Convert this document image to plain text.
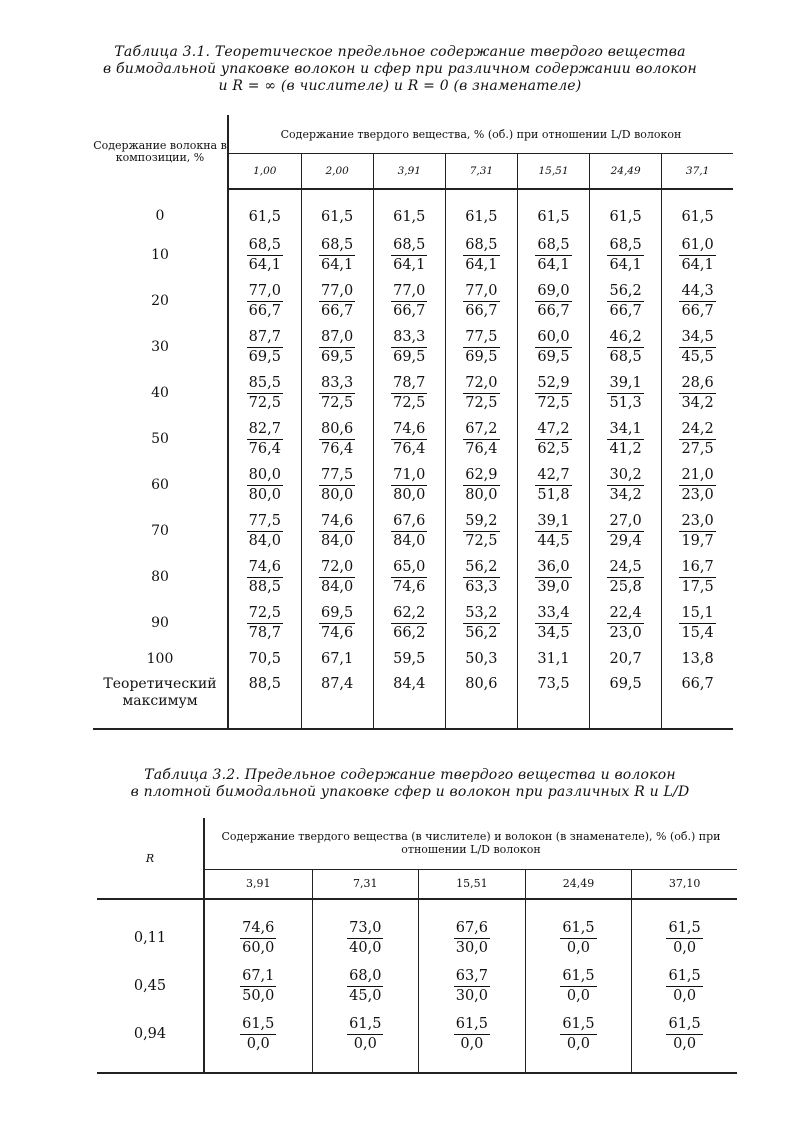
Таблица 3.1. Теоретическое предельное содержание твердого вещества
в бимодальной упаковке волокон и сфер при различном содержании волокон
и R = ∞ (в числителе) и R = 0 (в знаменателе)
Содержание волокна в композиции, %	Содержание твердого вещества, % (об.) при отношении L/D волокон						
	1,00	2,00	3,91	7,31	15,51	24,49	37,1
0	61,5	61,5	61,5	61,5	61,5	61,5	61,5
10	$\frac{68,5}{64,1}$	$\frac{68,5}{64,1}$	$\frac{68,5}{64,1}$	$\frac{68,5}{64,1}$	$\frac{68,5}{64,1}$	$\frac{68,5}{64,1}$	$\frac{61,0}{64,1}$

20	$\frac{77,0}{66,7}$	$\frac{77,0}{66,7}$	$\frac{77,0}{66,7}$	$\frac{77,0}{66,7}$	$\frac{69,0}{66,7}$	$\frac{56,2}{66,7}$	$\frac{44,3}{66,7}$

30	$\frac{87,7}{69,5}$	$\frac{87,0}{69,5}$	$\frac{83,3}{69,5}$	$\frac{77,5}{69,5}$	$\frac{60,0}{69,5}$	$\frac{46,2}{68,5}$	$\frac{34,5}{45,5}$

40	$\frac{85,5}{72,5}$	$\frac{83,3}{72,5}$	$\frac{78,7}{72,5}$	$\frac{72,0}{72,5}$	$\frac{52,9}{72,5}$	$\frac{39,1}{51,3}$	$\frac{28,6}{34,2}$

50	$\frac{82,7}{76,4}$	$\frac{80,6}{76,4}$	$\frac{74,6}{76,4}$	$\frac{67,2}{76,4}$	$\frac{47,2}{62,5}$	$\frac{34,1}{41,2}$	$\frac{24,2}{27,5}$

60	$\frac{80,0}{80,0}$	$\frac{77,5}{80,0}$	$\frac{71,0}{80,0}$	$\frac{62,9}{80,0}$	$\frac{42,7}{51,8}$	$\frac{30,2}{34,2}$	$\frac{21,0}{23,0}$

70	$\frac{77,5}{84,0}$	$\frac{74,6}{84,0}$	$\frac{67,6}{84,0}$	$\frac{59,2}{72,5}$	$\frac{39,1}{44,5}$	$\frac{27,0}{29,4}$	$\frac{23,0}{19,7}$

80	$\frac{74,6}{88,5}$	$\frac{72,0}{84,0}$	$\frac{65,0}{74,6}$	$\frac{56,2}{63,3}$	$\frac{36,0}{39,0}$	$\frac{24,5}{25,8}$	$\frac{16,7}{17,5}$

90	$\frac{72,5}{78,7}$	$\frac{69,5}{74,6}$	$\frac{62,2}{66,2}$	$\frac{53,2}{56,2}$	$\frac{33,4}{34,5}$	$\frac{22,4}{23,0}$	$\frac{15,1}{15,4}$

100	70,5	67,1	59,5	50,3	31,1	20,7	13,8
Теоретический максимум	88,5	87,4	84,4	80,6	73,5	69,5	66,7
Таблица 3.2. Предельное содержание твердого вещества и волокон
в плотной бимодальной упаковке сфер и волокон при различных R и L/D
R	Содержание твердого вещества (в числителе) и волокон (в знаменателе), % (об.) при отношении L/D волокон				
	3,91	7,31	15,51	24,49	37,10
0,11	$\frac{74,6}{60,0}$	$\frac{73,0}{40,0}$	$\frac{67,6}{30,0}$	$\frac{61,5}{0,0}$	$\frac{61,5}{0,0}$

0,45	$\frac{67,1}{50,0}$	$\frac{68,0}{45,0}$	$\frac{63,7}{30,0}$	$\frac{61,5}{0,0}$	$\frac{61,5}{0,0}$

0,94	$\frac{61,5}{0,0}$	$\frac{61,5}{0,0}$	$\frac{61,5}{0,0}$	$\frac{61,5}{0,0}$	$\frac{61,5}{0,0}$
